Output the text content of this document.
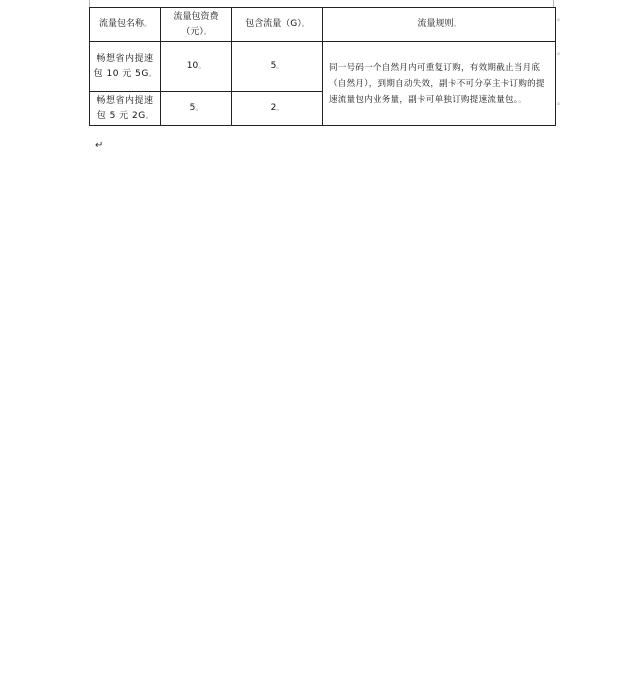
流量包名称。	流量包资费（元）。	包含流量（G）。	流量规则。
畅想省内提速包 10 元 5G。	10。	5。	同一号码一个自然月内可重复订购，有效期截止当月底（自然月），到期自动失效，副卡不可分享主卡订购的提速流量包内业务量，副卡可单独订购提速流量包。。
畅想省内提速包 5 元 2G。	5。	2。	
。
。
。
↵
